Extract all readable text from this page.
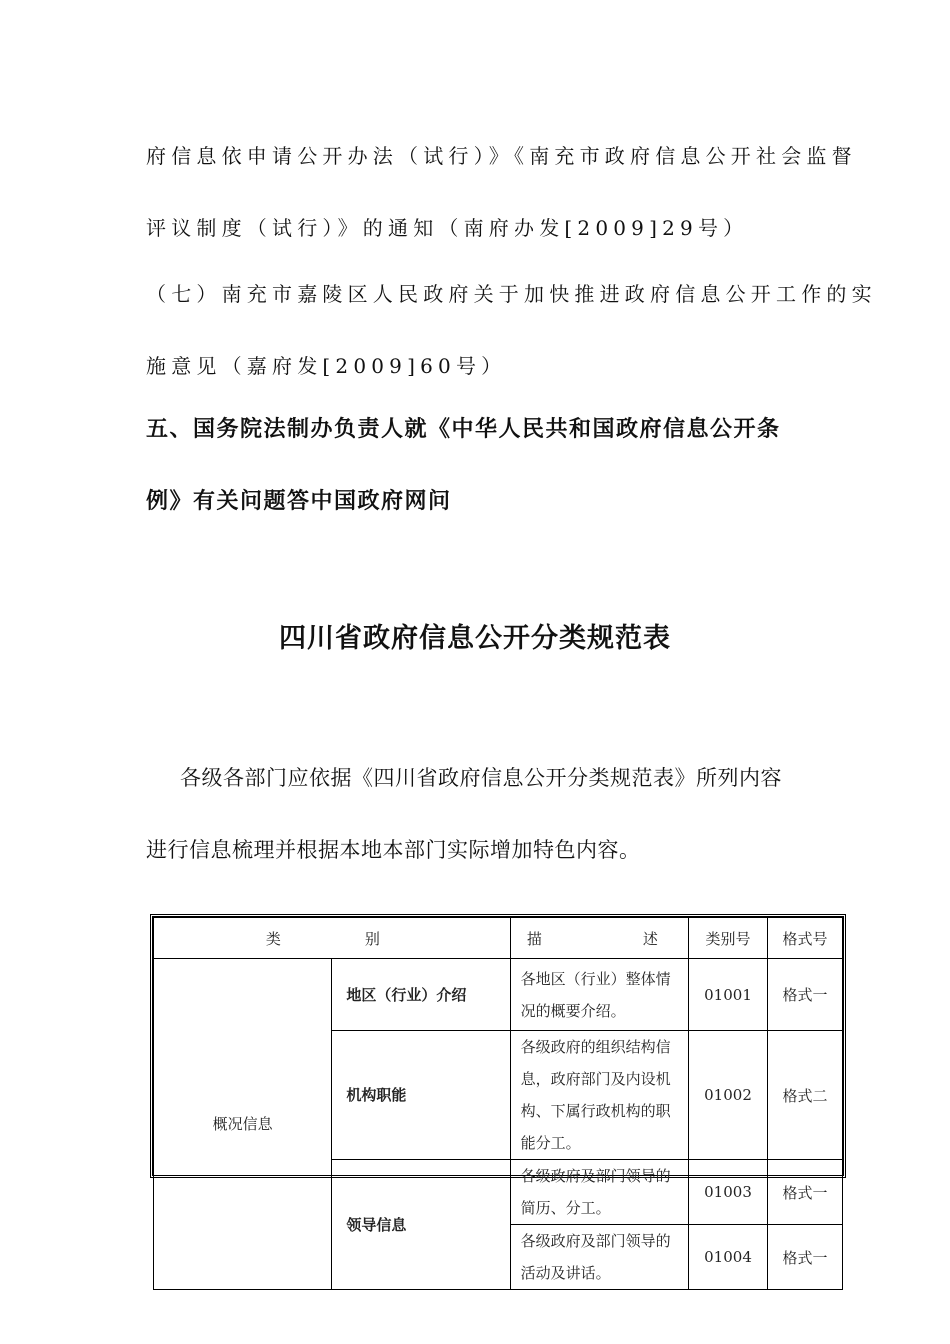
府信息依申请公开办法（试行）》《南充市政府信息公开社会监督
评议制度（试行）》的通知（南府办发[2009]29号）
（七）南充市嘉陵区人民政府关于加快推进政府信息公开工作的实
施意见（嘉府发[2009]60号）
五、国务院法制办负责人就《中华人民共和国政府信息公开条
例》有关问题答中国政府网问
四川省政府信息公开分类规范表
各级各部门应依据《四川省政府信息公开分类规范表》所列内容
进行信息梳理并根据本地本部门实际增加特色内容。
类　　别		描　　　述	类别号	格式号
概况信息	地区（行业）介绍	各地区（行业）整体情况的概要介绍。	01001	格式一
	机构职能	各级政府的组织结构信息，政府部门及内设机构、下属行政机构的职能分工。	01002	格式二
	领导信息	各级政府及部门领导的简历、分工。	01003	格式一
		各级政府及部门领导的活动及讲话。	01004	格式一
